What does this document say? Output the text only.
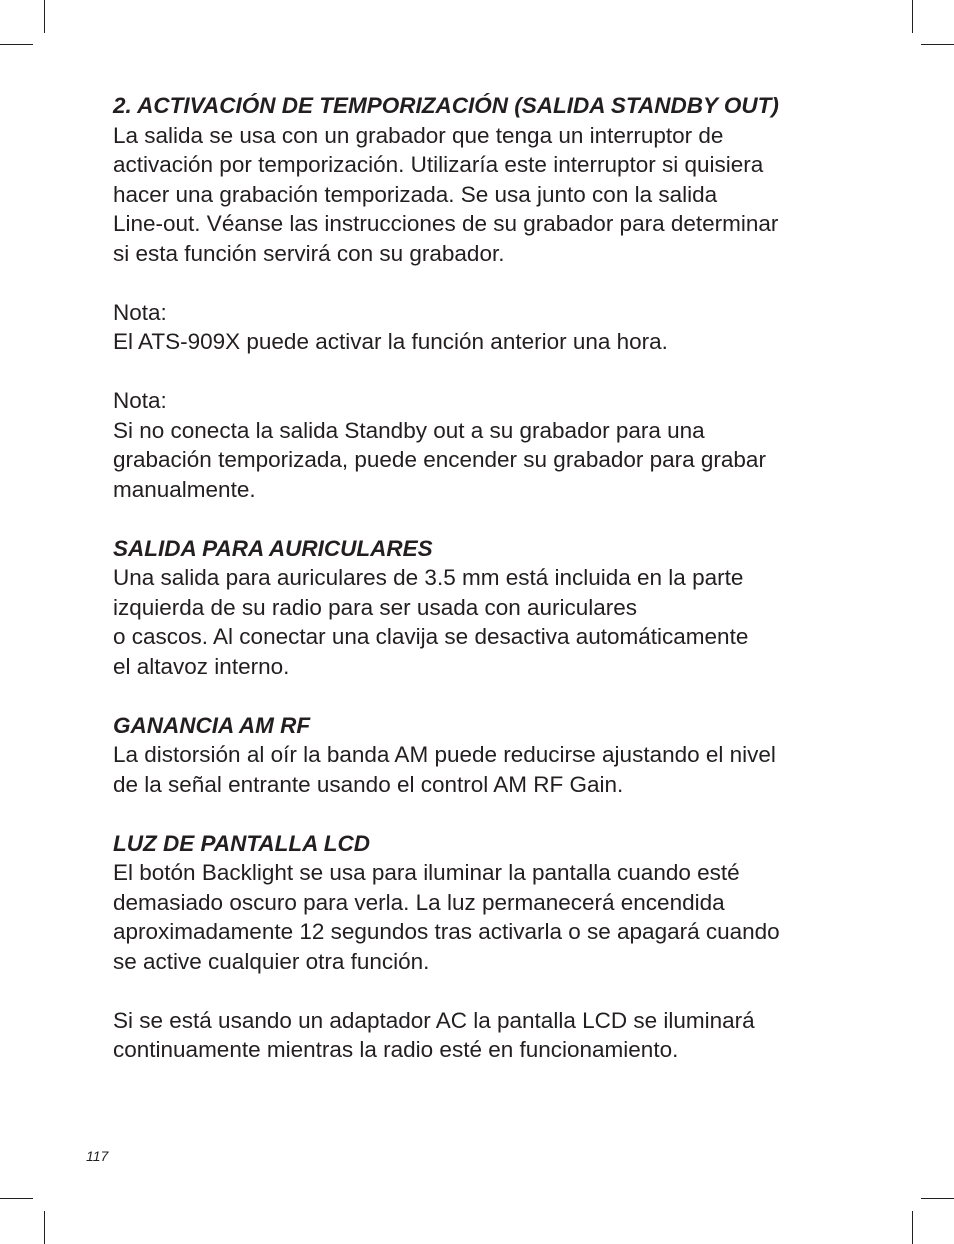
2. ACTIVACIÓN DE TEMPORIZACIÓN (SALIDA STANDBY OUT)

La salida se usa con un grabador que tenga un interruptor de

activación por temporización. Utilizaría este interruptor si quisiera

hacer una grabación temporizada. Se usa junto con la salida

Line-out. Véanse las instrucciones de su grabador para determinar

si esta función servirá con su grabador.

Nota:

El ATS-909X puede activar la función anterior una hora.

Nota:

Si no conecta la salida Standby out a su grabador para una

grabación temporizada, puede encender su grabador para grabar

manualmente.

SALIDA PARA AURICULARES

Una salida para auriculares de 3.5 mm está incluida en la parte

izquierda de su radio para ser usada con auriculares

o cascos. Al conectar una clavija se desactiva automáticamente

el altavoz interno.

GANANCIA AM RF

La distorsión al oír la banda AM puede reducirse ajustando el nivel

de la señal entrante usando el control AM RF Gain.

LUZ DE PANTALLA LCD

El botón Backlight se usa para iluminar la pantalla cuando esté

demasiado oscuro para verla. La luz permanecerá encendida

aproximadamente 12 segundos tras activarla o se apagará cuando

se active cualquier otra función.

Si se está usando un adaptador AC la pantalla LCD se iluminará

continuamente mientras la radio esté en funcionamiento.

117
